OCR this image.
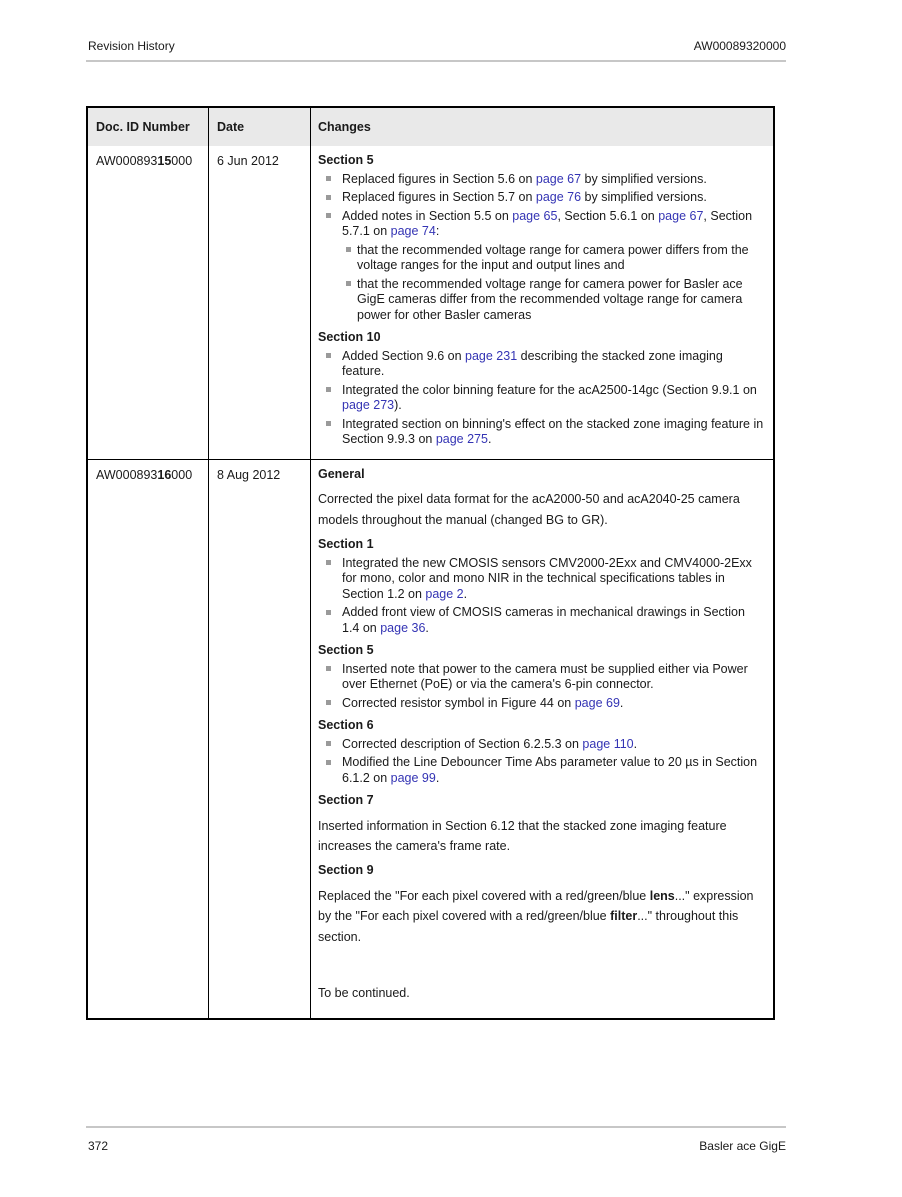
Revision History	AW00089320000
Doc. ID Number	Date	Changes
AW00089315000	6 Jun 2012	Section 5
Replaced figures in Section 5.6 on page 67 by simplified versions.
Replaced figures in Section 5.7 on page 76 by simplified versions.
Added notes in Section 5.5 on page 65, Section 5.6.1 on page 67, Section 5.7.1 on page 74:
that the recommended voltage range for camera power differs from the voltage ranges for the input and output lines and
that the recommended voltage range for camera power for Basler ace GigE cameras differ from the recommended voltage range for camera power for other Basler cameras
Section 10
Added Section 9.6 on page 231 describing the stacked zone imaging feature.
Integrated the color binning feature for the acA2500-14gc (Section 9.9.1 on page 273).
Integrated section on binning's effect on the stacked zone imaging feature in Section 9.9.3 on page 275.
AW00089316000	8 Aug 2012	General
Corrected the pixel data format for the acA2000-50 and acA2040-25 camera models throughout the manual (changed BG to GR).
Section 1
Integrated the new CMOSIS sensors CMV2000-2Exx and CMV4000-2Exx for mono, color and mono NIR in the technical specifications tables in Section 1.2 on page 2.
Added front view of CMOSIS cameras in mechanical drawings in Section 1.4 on page 36.
Section 5
Inserted note that power to the camera must be supplied either via Power over Ethernet (PoE) or via the camera's 6-pin connector.
Corrected resistor symbol in Figure 44 on page 69.
Section 6
Corrected description of Section 6.2.5.3 on page 110.
Modified the Line Debouncer Time Abs parameter value to 20 µs in Section 6.1.2 on page 99.
Section 7
Inserted information in Section 6.12 that the stacked zone imaging feature increases the camera's frame rate.
Section 9
Replaced the "For each pixel covered with a red/green/blue lens..." expression by the "For each pixel covered with a red/green/blue filter..." throughout this section.
To be continued.
372	Basler ace GigE
